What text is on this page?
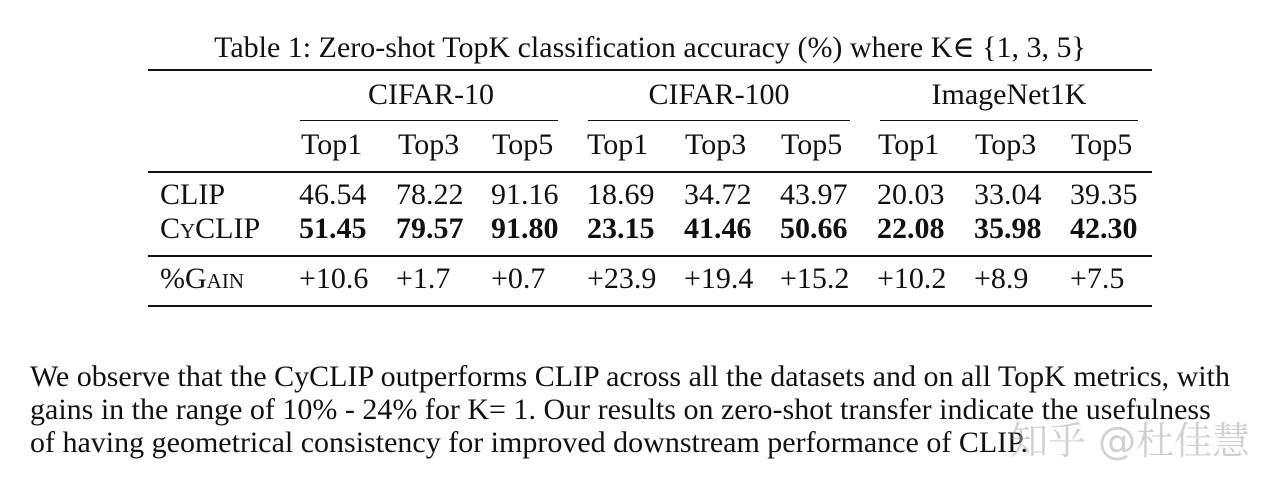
Table 1: Zero-shot TopK classification accuracy (%) where K∈ {1, 3, 5}
CIFAR-10	CIFAR-100	ImageNet1K
Top1 Top3 Top5 Top1 Top3 Top5 Top1 Top3 Top5
CLIP 46.54 78.22 91.16 18.69 34.72 43.97 20.03 33.04 39.35
CyCLIP 51.45 79.57 91.80 23.15 41.46 50.66 22.08 35.98 42.30
%Gain +10.6 +1.7 +0.7 +23.9 +19.4 +15.2 +10.2 +8.9 +7.5
We observe that the CyCLIP outperforms CLIP across all the datasets and on all TopK metrics, with
gains in the range of 10% - 24% for K= 1. Our results on zero-shot transfer indicate the usefulness
of having geometrical consistency for improved downstream performance of CLIP.
知乎 @杜佳慧
